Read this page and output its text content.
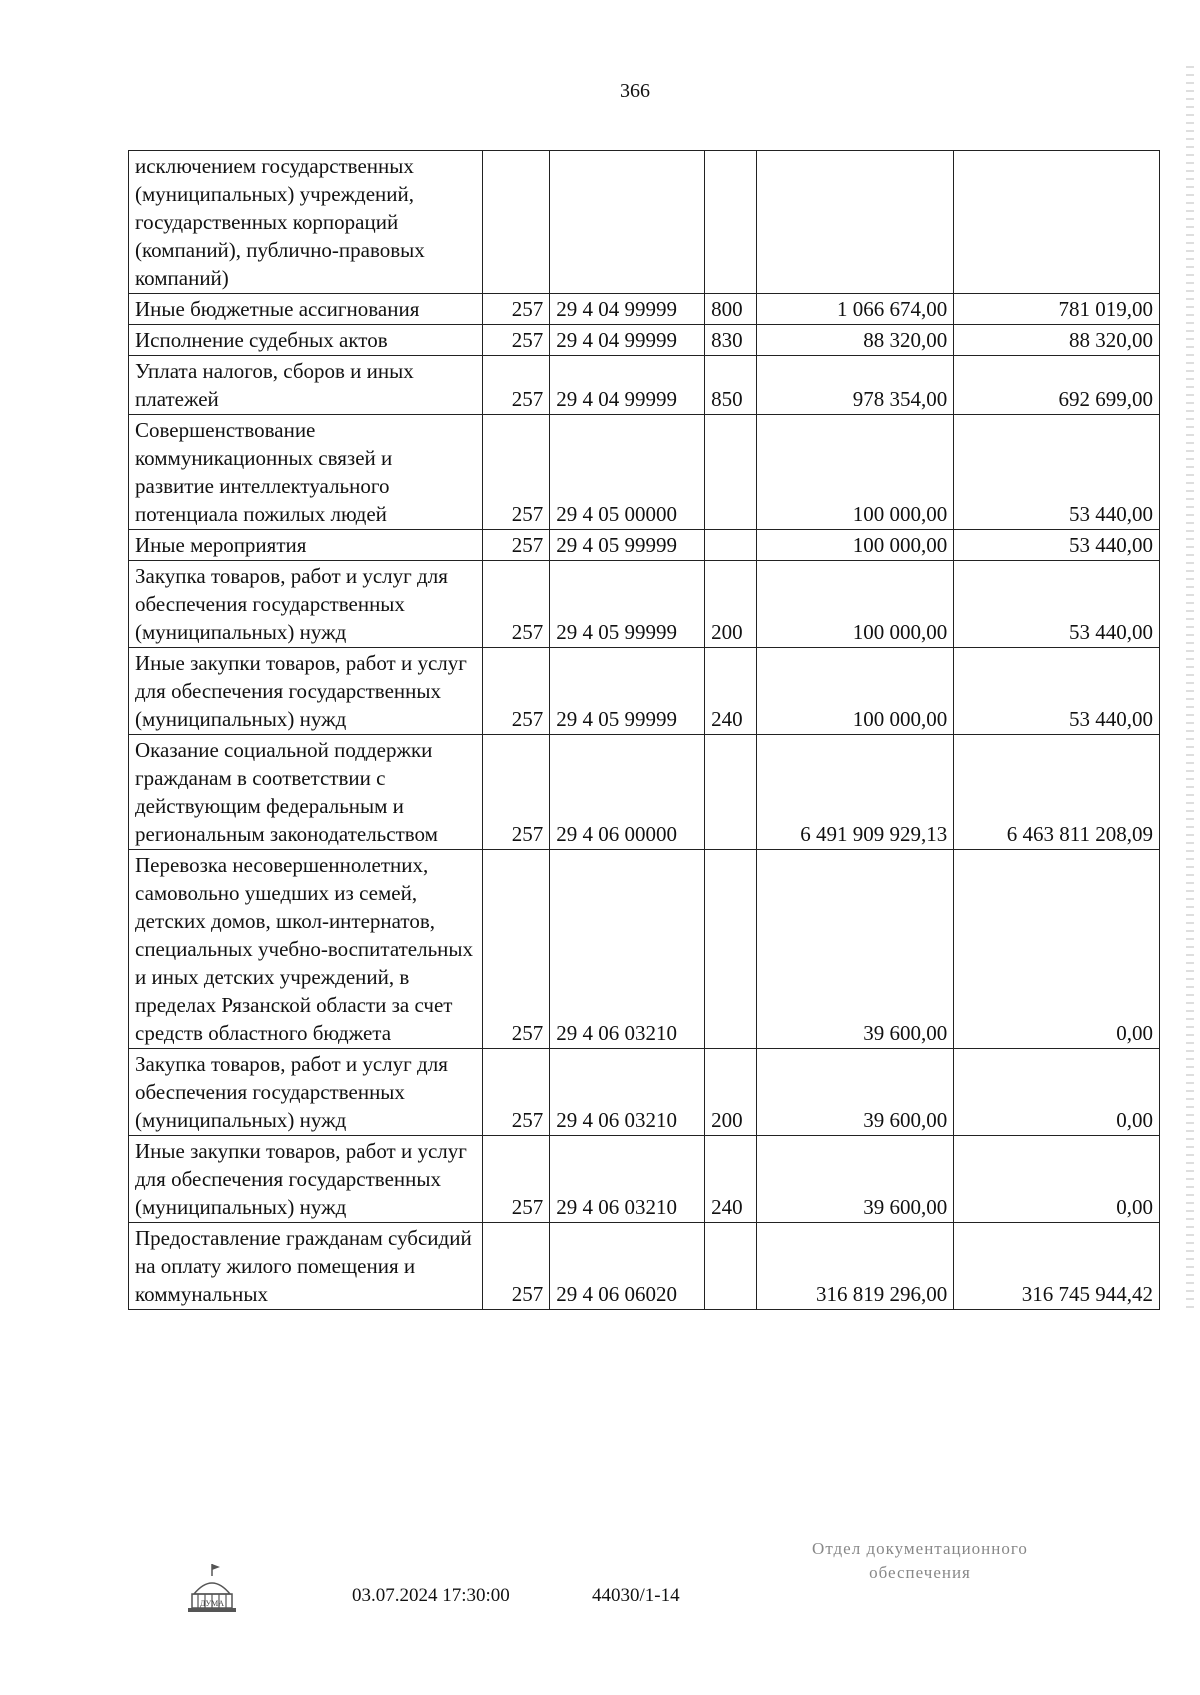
366
исключением государственных (муниципальных) учреждений, государственных корпораций (компаний), публично-правовых компаний)					
Иные бюджетные ассигнования	257	29 4 04 99999	800	1 066 674,00	781 019,00
Исполнение судебных актов	257	29 4 04 99999	830	88 320,00	88 320,00
Уплата налогов, сборов и иных платежей	257	29 4 04 99999	850	978 354,00	692 699,00
Совершенствование коммуникационных связей и развитие интеллектуального потенциала пожилых людей	257	29 4 05 00000		100 000,00	53 440,00
Иные мероприятия	257	29 4 05 99999		100 000,00	53 440,00
Закупка товаров, работ и услуг для обеспечения государственных (муниципальных) нужд	257	29 4 05 99999	200	100 000,00	53 440,00
Иные закупки товаров, работ и услуг для обеспечения государственных (муниципальных) нужд	257	29 4 05 99999	240	100 000,00	53 440,00
Оказание социальной поддержки гражданам в соответствии с действующим федеральным и региональным законодательством	257	29 4 06 00000		6 491 909 929,13	6 463 811 208,09
Перевозка несовершеннолетних, самовольно ушедших из семей, детских домов, школ-интернатов, специальных учебно-воспитательных и иных детских учреждений, в пределах Рязанской области за счет средств областного бюджета	257	29 4 06 03210		39 600,00	0,00
Закупка товаров, работ и услуг для обеспечения государственных (муниципальных) нужд	257	29 4 06 03210	200	39 600,00	0,00
Иные закупки товаров, работ и услуг для обеспечения государственных (муниципальных) нужд	257	29 4 06 03210	240	39 600,00	0,00
Предоставление гражданам субсидий на оплату жилого помещения и коммунальных	257	29 4 06 06020		316 819 296,00	316 745 944,42
ДУМА	03.07.2024 17:30:00	44030/1-14
Отдел документационного
обеспечения
